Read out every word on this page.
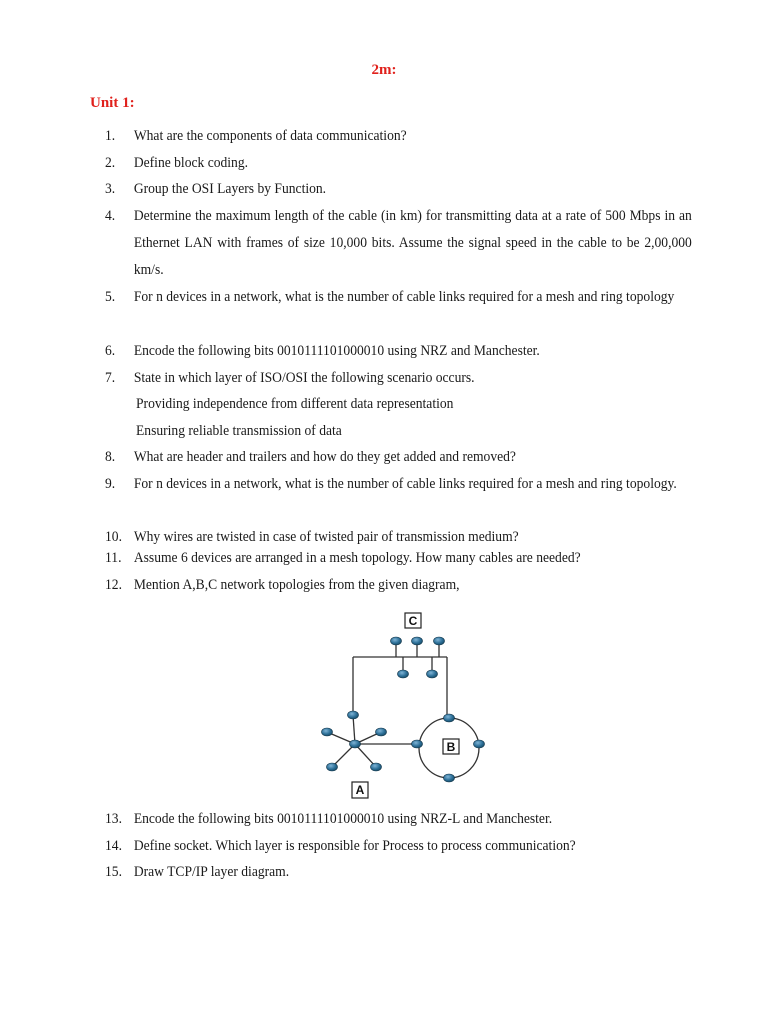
2m:
Unit 1:
1.	What are the components of data communication?
2.	Define block coding.
3.	Group the OSI Layers by Function.
4.	Determine the maximum length of the cable (in km) for transmitting data at a rate of 500 Mbps in an Ethernet LAN with frames of size 10,000 bits. Assume the signal speed in the cable to be 2,00,000 km/s.
5.	For n devices in a network, what is the number of cable links required for a mesh and ring topology
6.	Encode the following bits 0010111101000010 using NRZ and Manchester.
7.	State in which layer of ISO/OSI the following scenario occurs.
Providing independence from different data representation
Ensuring reliable transmission of data
8.	What are header and trailers and how do they get added and removed?
9.	For n devices in a network, what is the number of cable links required for a mesh and ring topology.
10. Why wires are twisted in case of twisted pair of transmission medium?
11. Assume 6 devices are arranged in a mesh topology. How many cables are needed?
12. Mention A,B,C network topologies from the given diagram,
C
B
A
13. Encode the following bits 0010111101000010 using NRZ-L and Manchester.
14. Define socket. Which layer is responsible for Process to process communication?
15. Draw TCP/IP layer diagram.
